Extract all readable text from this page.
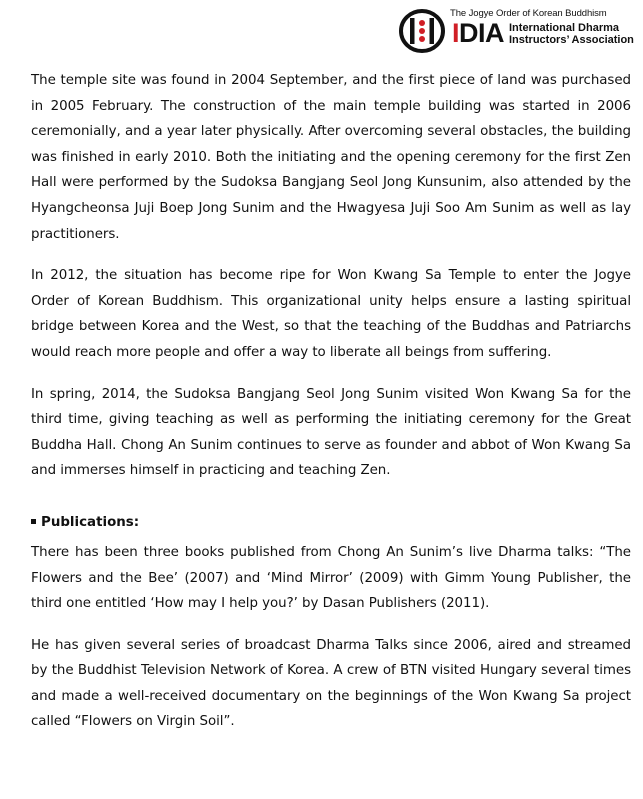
The Jogye Order of Korean Buddhism
IDIA International Dharma
Instructors’ Association

The temple site was found in 2004 September, and the first piece of land was purchased in 2005 February. The construction of the main temple building was started in 2006 ceremonially, and a year later physically. After overcoming several obstacles, the building was finished in early 2010. Both the initiating and the opening ceremony for the first Zen Hall were performed by the Sudoksa Bangjang Seol Jong Kunsunim, also attended by the Hyangcheonsa Juji Boep Jong Sunim and the Hwagyesa Juji Soo Am Sunim as well as lay practitioners.

In 2012, the situation has become ripe for Won Kwang Sa Temple to enter the Jogye Order of Korean Buddhism. This organizational unity helps ensure a lasting spiritual bridge between Korea and the West, so that the teaching of the Buddhas and Patriarchs would reach more people and offer a way to liberate all beings from suffering.

In spring, 2014, the Sudoksa Bangjang Seol Jong Sunim visited Won Kwang Sa for the third time, giving teaching as well as performing the initiating ceremony for the Great Buddha Hall. Chong An Sunim continues to serve as founder and abbot of Won Kwang Sa and immerses himself in practicing and teaching Zen.

Publications:

There has been three books published from Chong An Sunim’s live Dharma talks: “The Flowers and the Bee’ (2007) and ‘Mind Mirror’ (2009) with Gimm Young Publisher, the third one entitled ‘How may I help you?’ by Dasan Publishers (2011).

He has given several series of broadcast Dharma Talks since 2006, aired and streamed by the Buddhist Television Network of Korea. A crew of BTN visited Hungary several times and made a well-received documentary on the beginnings of the Won Kwang Sa project called “Flowers on Virgin Soil”.
